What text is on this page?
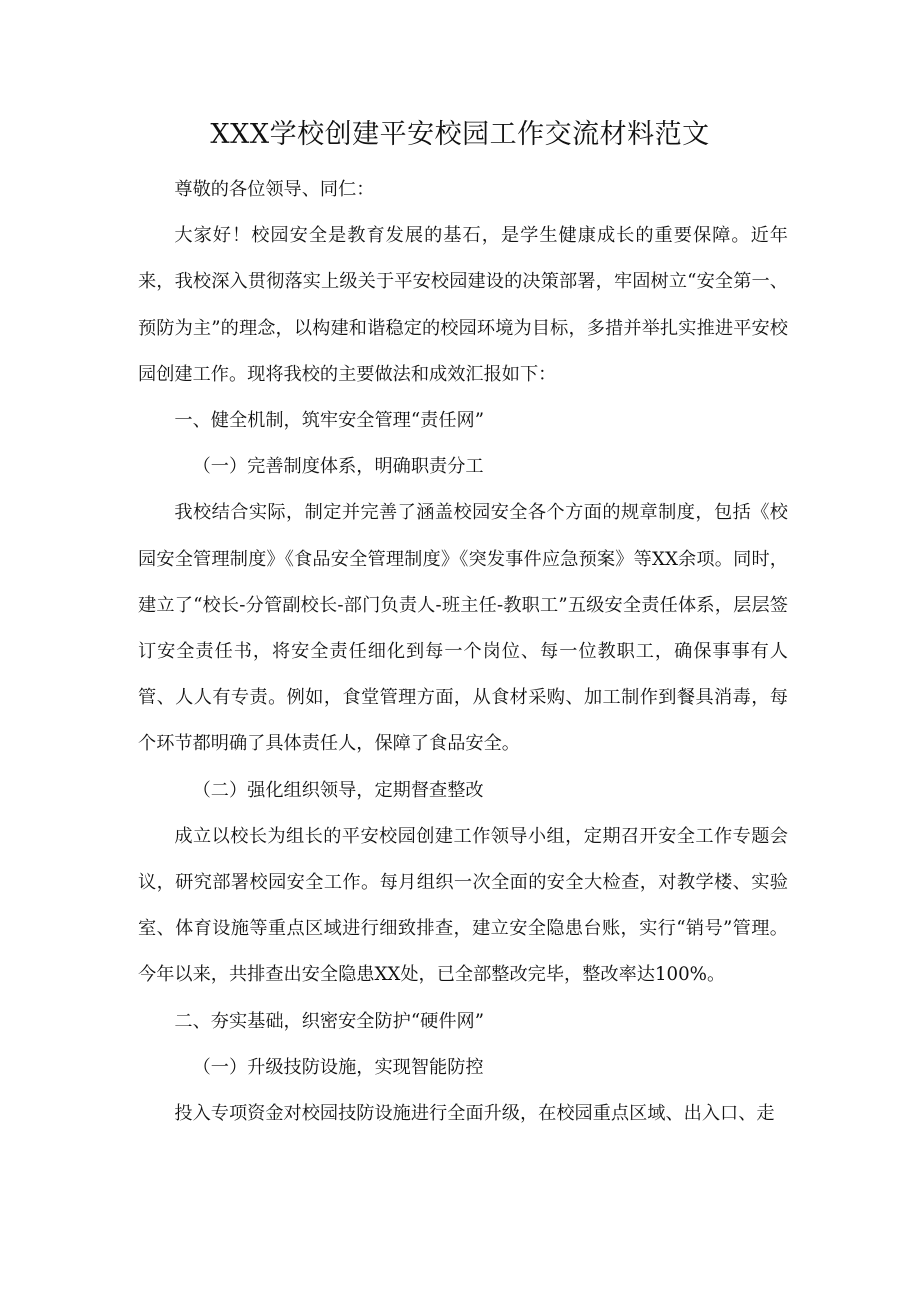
XXX学校创建平安校园工作交流材料范文

尊敬的各位领导、同仁：

大家好！校园安全是教育发展的基石，是学生健康成长的重要保障。近年来，我校深入贯彻落实上级关于平安校园建设的决策部署，牢固树立“安全第一、预防为主”的理念，以构建和谐稳定的校园环境为目标，多措并举扎实推进平安校园创建工作。现将我校的主要做法和成效汇报如下：

一、健全机制，筑牢安全管理“责任网”

（一）完善制度体系，明确职责分工

我校结合实际，制定并完善了涵盖校园安全各个方面的规章制度，包括《校园安全管理制度》《食品安全管理制度》《突发事件应急预案》等XX余项。同时，建立了“校长-分管副校长-部门负责人-班主任-教职工”五级安全责任体系，层层签订安全责任书，将安全责任细化到每一个岗位、每一位教职工，确保事事有人管、人人有专责。例如，食堂管理方面，从食材采购、加工制作到餐具消毒，每个环节都明确了具体责任人，保障了食品安全。

（二）强化组织领导，定期督查整改

成立以校长为组长的平安校园创建工作领导小组，定期召开安全工作专题会议，研究部署校园安全工作。每月组织一次全面的安全大检查，对教学楼、实验室、体育设施等重点区域进行细致排查，建立安全隐患台账，实行“销号”管理。今年以来，共排查出安全隐患XX处，已全部整改完毕，整改率达100%。

二、夯实基础，织密安全防护“硬件网”

（一）升级技防设施，实现智能防控

投入专项资金对校园技防设施进行全面升级，在校园重点区域、出入口、走
